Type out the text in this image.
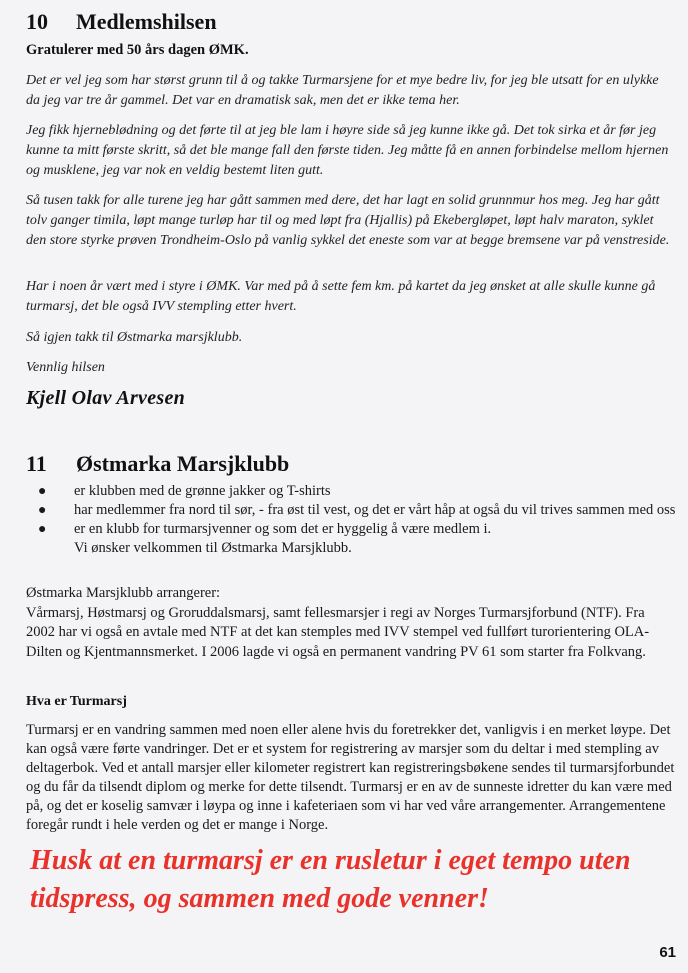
10 Medlemshilsen
Gratulerer med 50 års dagen ØMK.
Det er vel jeg som har størst grunn til å og takke Turmarsjene for et mye bedre liv, for jeg ble utsatt for en ulykke da jeg var tre år gammel. Det var en dramatisk sak, men det er ikke tema her.
Jeg fikk hjerneblødning og det førte til at jeg ble lam i høyre side så jeg kunne ikke gå. Det tok sirka et år før jeg kunne ta mitt første skritt, så det ble mange fall den første tiden. Jeg måtte få en annen forbindelse mellom hjernen og musklene, jeg var nok en veldig bestemt liten gutt.
Så tusen takk for alle turene jeg har gått sammen med dere, det har lagt en solid grunnmur hos meg. Jeg har gått tolv ganger timila, løpt mange turløp har til og med løpt fra (Hjallis) på Ekebergløpet, løpt halv maraton, syklet den store styrke prøven Trondheim-Oslo på vanlig sykkel det eneste som var at begge bremsene var på venstreside.
Har i noen år vært med i styre i ØMK. Var med på å sette fem km. på kartet da jeg ønsket at alle skulle kunne gå turmarsj, det ble også IVV stempling etter hvert.
Så igjen takk til Østmarka marsjklubb.
Vennlig hilsen
Kjell Olav Arvesen
11 Østmarka Marsjklubb
● er klubben med de grønne jakker og T-shirts
● har medlemmer fra nord til sør, - fra øst til vest, og det er vårt håp at også du vil trives sammen med oss
● er en klubb for turmarsjvenner og som det er hyggelig å være medlem i.
Vi ønsker velkommen til Østmarka Marsjklubb.
Østmarka Marsjklubb arrangerer:
Vårmarsj, Høstmarsj og Groruddalsmarsj, samt fellesmarsjer i regi av Norges Turmarsjforbund (NTF). Fra 2002 har vi også en avtale med NTF at det kan stemples med IVV stempel ved fullført turorientering OLA-Dilten og Kjentmannsmerket. I 2006 lagde vi også en permanent vandring PV 61 som starter fra Folkvang.
Hva er Turmarsj
Turmarsj er en vandring sammen med noen eller alene hvis du foretrekker det, vanligvis i en merket løype. Det kan også være førte vandringer. Det er et system for registrering av marsjer som du deltar i med stempling av deltagerbok. Ved et antall marsjer eller kilometer registrert kan registreringsbøkene sendes til turmarsjforbundet og du får da tilsendt diplom og merke for dette tilsendt. Turmarsj er en av de sunneste idretter du kan være med på, og det er koselig samvær i løypa og inne i kafeteriaen som vi har ved våre arrangementer. Arrangementene foregår rundt i hele verden og det er mange i Norge.
Husk at en turmarsj er en rusletur i eget tempo uten tidspress, og sammen med gode venner!
61
